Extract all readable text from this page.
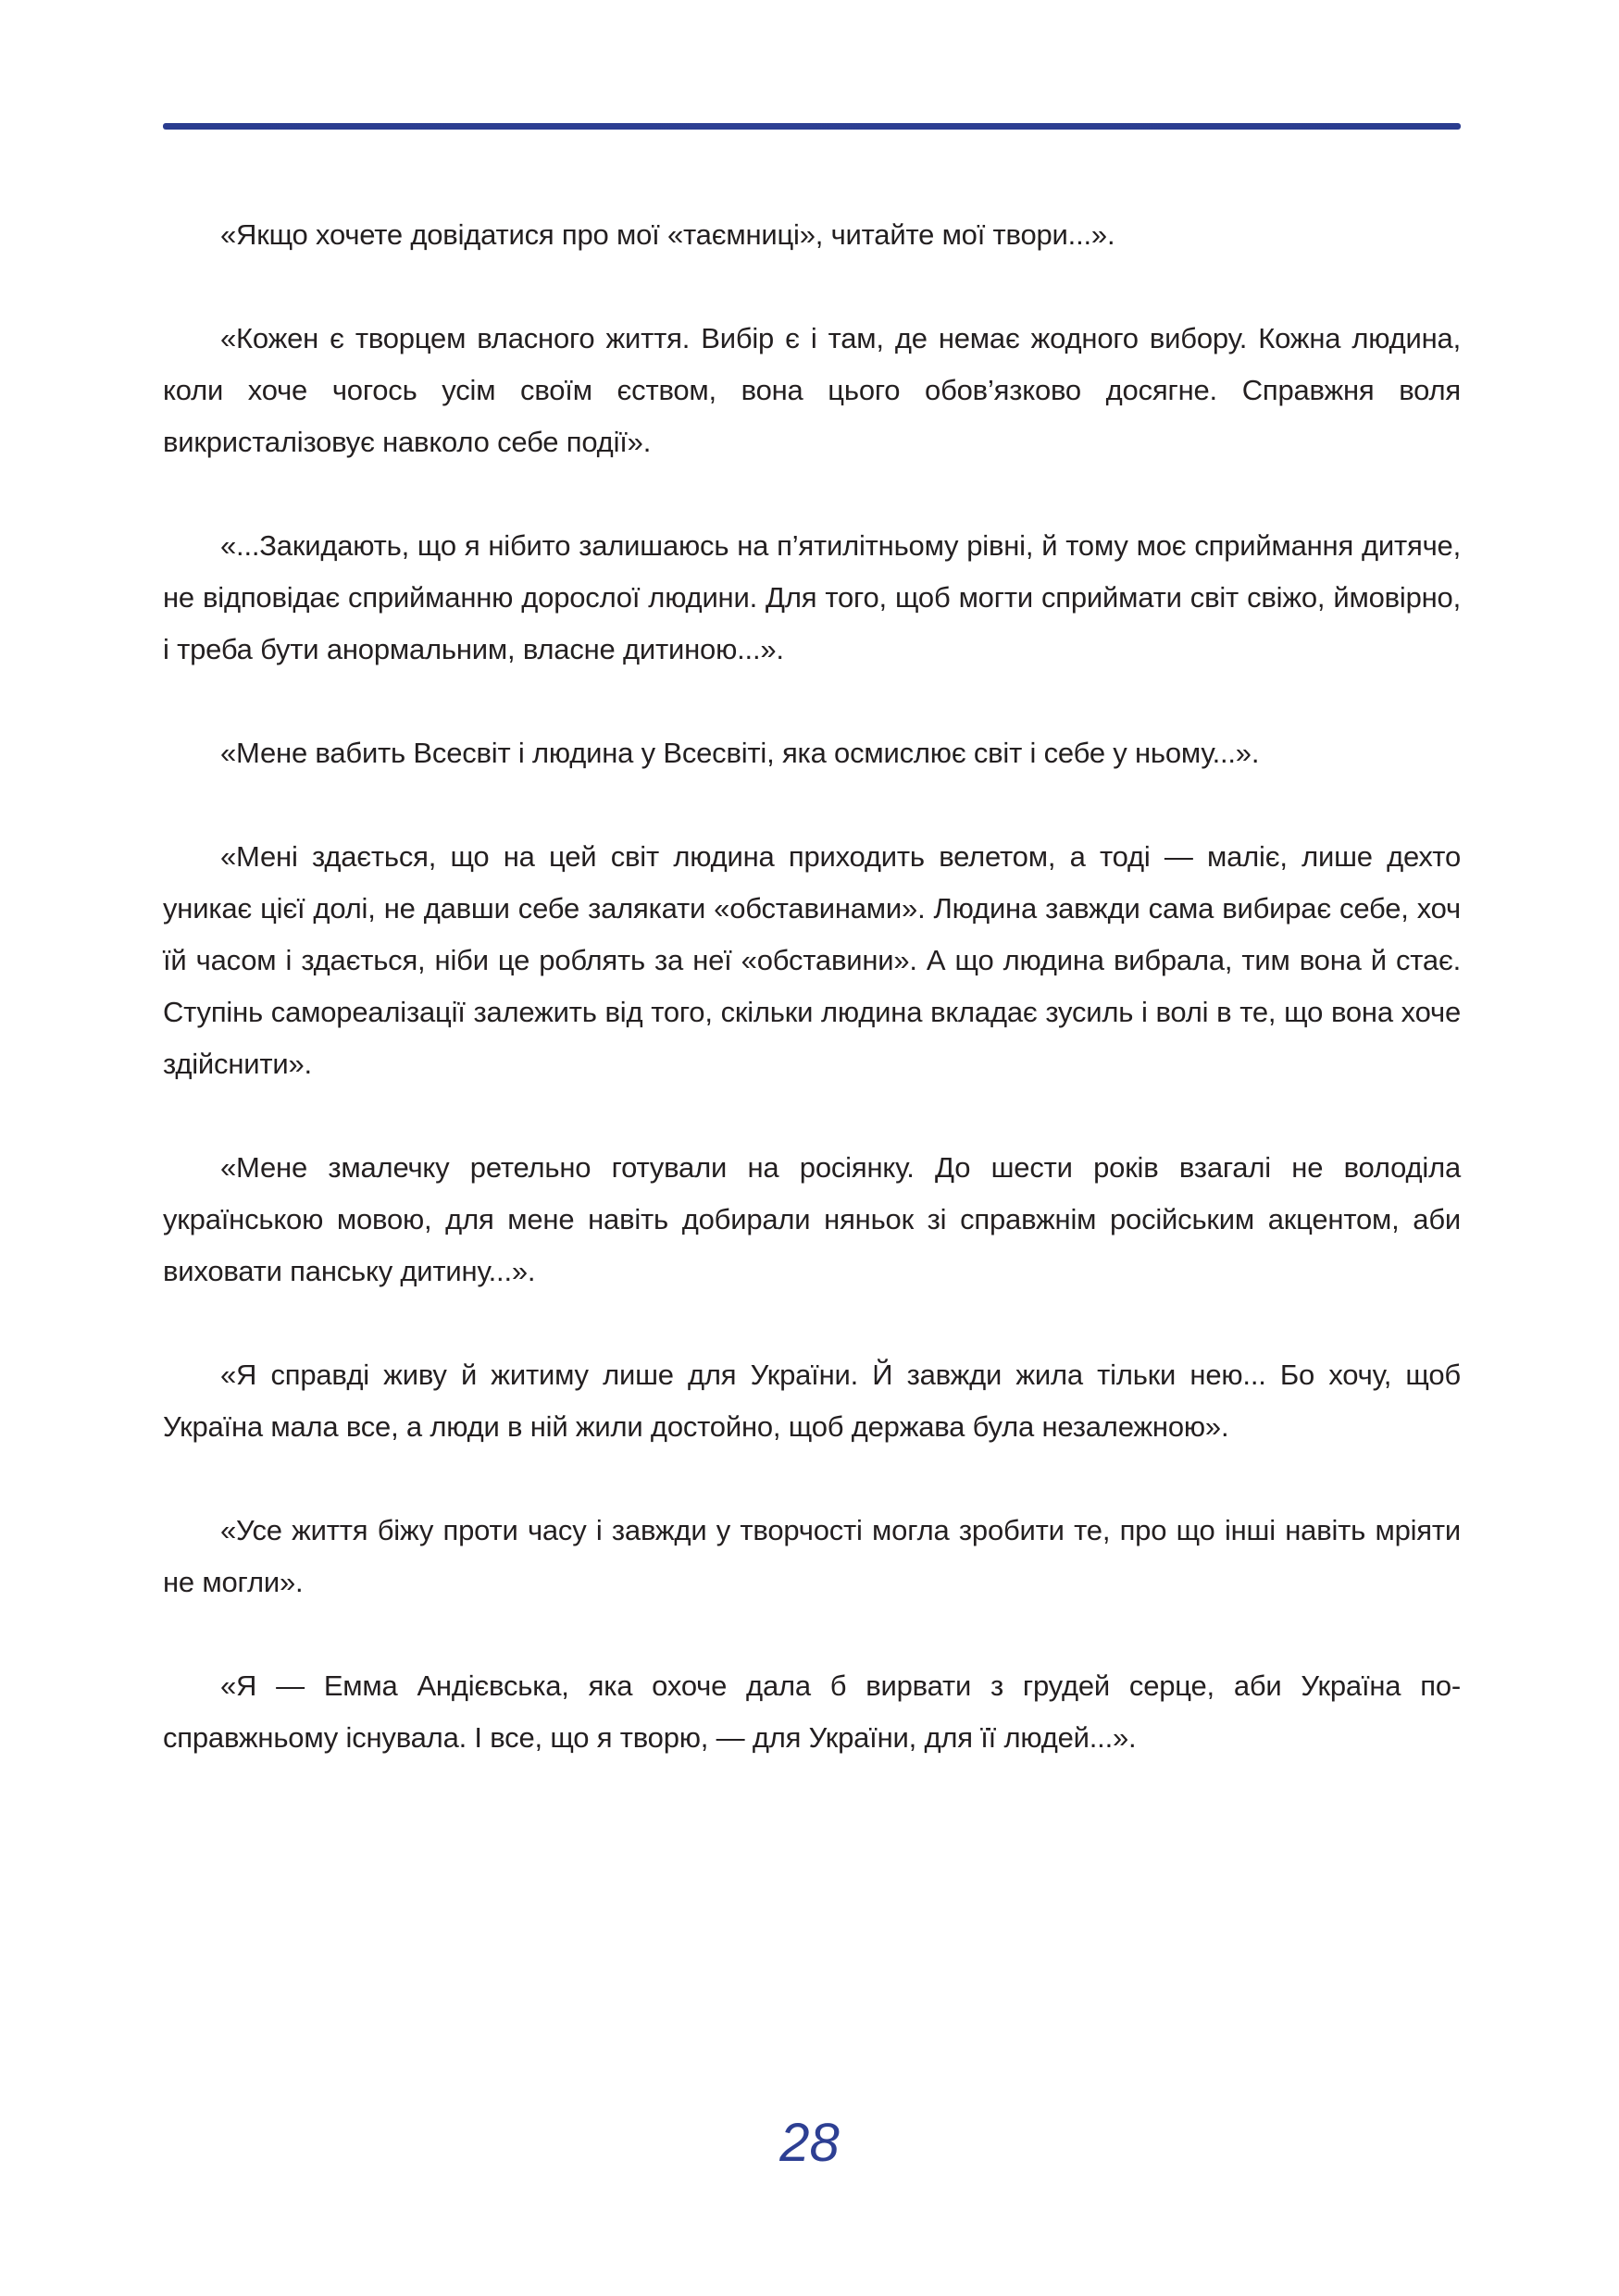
«Якщо хочете довідатися про мої «таємниці», читайте мої твори...».

«Кожен є творцем власного життя. Вибір є і там, де немає жодного вибору. Кожна людина, коли хоче чогось усім своїм єством, вона цього обов’язково досягне. Справжня воля викристалізовує навколо себе події».

«...Закидають, що я нібито залишаюсь на п’ятилітньому рівні, й тому моє сприймання дитяче, не відповідає сприйманню дорослої людини. Для того, щоб могти сприймати світ свіжо, ймовірно, і треба бути анормальним, власне дитиною...».

«Мене вабить Всесвіт і людина у Всесвіті, яка осмислює світ і себе у ньому...».

«Мені здається, що на цей світ людина приходить велетом, а тоді — маліє, лише дехто уникає цієї долі, не давши себе залякати «обставинами». Людина завжди сама вибирає себе, хоч їй часом і здається, ніби це роблять за неї «обставини». А що людина вибрала, тим вона й стає. Ступінь самореалізації залежить від того, скільки людина вкладає зусиль і волі в те, що вона хоче здійснити».

«Мене змалечку ретельно готували на росіянку. До шести років взагалі не володіла українською мовою, для мене навіть добирали няньок зі справжнім російським акцентом, аби виховати панську дитину...».

«Я справді живу й житиму лише для України. Й завжди жила тільки нею... Бо хочу, щоб Україна мала все, а люди в ній жили достойно, щоб держава була незалежною».

«Усе життя біжу проти часу і завжди у творчості могла зробити те, про що інші навіть мріяти не могли».

«Я — Емма Андієвська, яка охоче дала б вирвати з грудей серце, аби Україна по-справжньому існувала. І все, що я творю, — для України, для її людей...».

28
